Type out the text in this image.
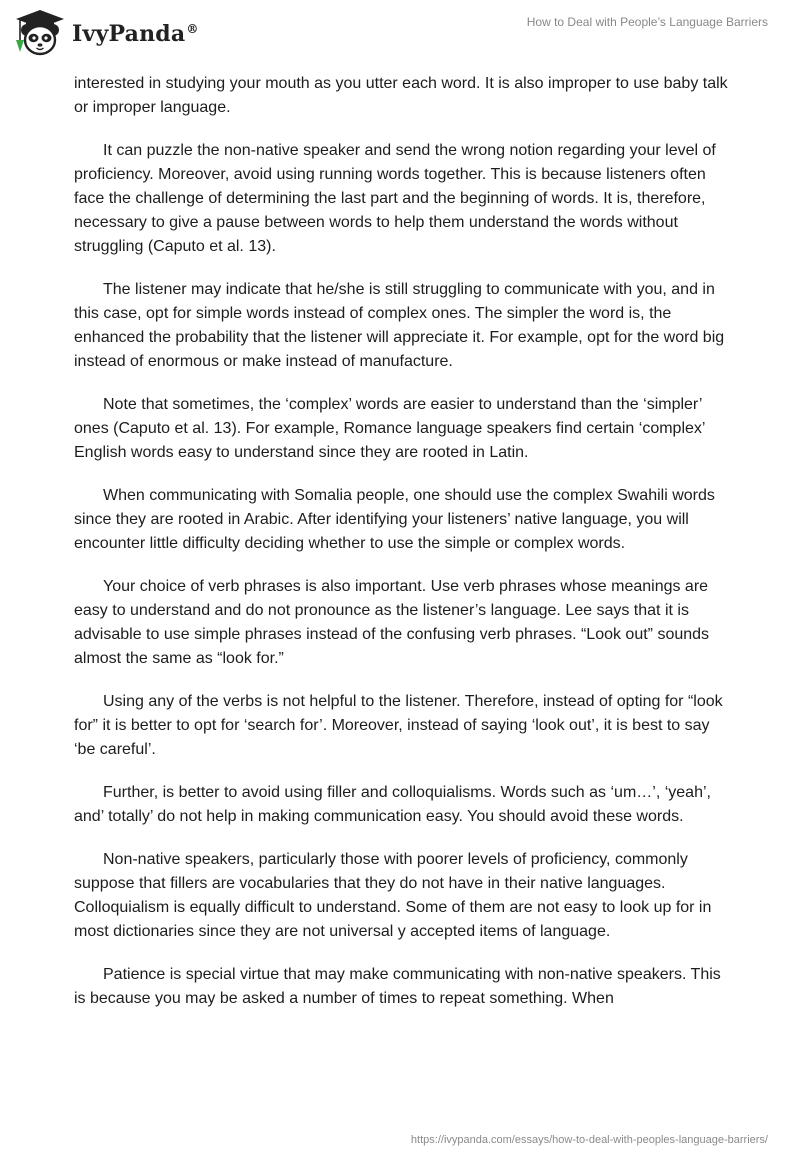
IvyPanda®	How to Deal with People’s Language Barriers

interested in studying your mouth as you utter each word. It is also improper to use baby talk or improper language.

It can puzzle the non-native speaker and send the wrong notion regarding your level of proficiency. Moreover, avoid using running words together. This is because listeners often face the challenge of determining the last part and the beginning of words. It is, therefore, necessary to give a pause between words to help them understand the words without struggling (Caputo et al. 13).

The listener may indicate that he/she is still struggling to communicate with you, and in this case, opt for simple words instead of complex ones. The simpler the word is, the enhanced the probability that the listener will appreciate it. For example, opt for the word big instead of enormous or make instead of manufacture.

Note that sometimes, the ‘complex’ words are easier to understand than the ‘simpler’ ones (Caputo et al. 13). For example, Romance language speakers find certain ‘complex’ English words easy to understand since they are rooted in Latin.

When communicating with Somalia people, one should use the complex Swahili words since they are rooted in Arabic. After identifying your listeners’ native language, you will encounter little difficulty deciding whether to use the simple or complex words.

Your choice of verb phrases is also important. Use verb phrases whose meanings are easy to understand and do not pronounce as the listener’s language. Lee says that it is advisable to use simple phrases instead of the confusing verb phrases. “Look out” sounds almost the same as “look for.”

Using any of the verbs is not helpful to the listener. Therefore, instead of opting for “look for” it is better to opt for ‘search for’. Moreover, instead of saying ‘look out’, it is best to say ‘be careful’.

Further, is better to avoid using filler and colloquialisms. Words such as ‘um…’, ‘yeah’, and’ totally’ do not help in making communication easy. You should avoid these words.

Non-native speakers, particularly those with poorer levels of proficiency, commonly suppose that fillers are vocabularies that they do not have in their native languages. Colloquialism is equally difficult to understand. Some of them are not easy to look up for in most dictionaries since they are not universal y accepted items of language.

Patience is special virtue that may make communicating with non-native speakers. This is because you may be asked a number of times to repeat something. When

https://ivypanda.com/essays/how-to-deal-with-peoples-language-barriers/
